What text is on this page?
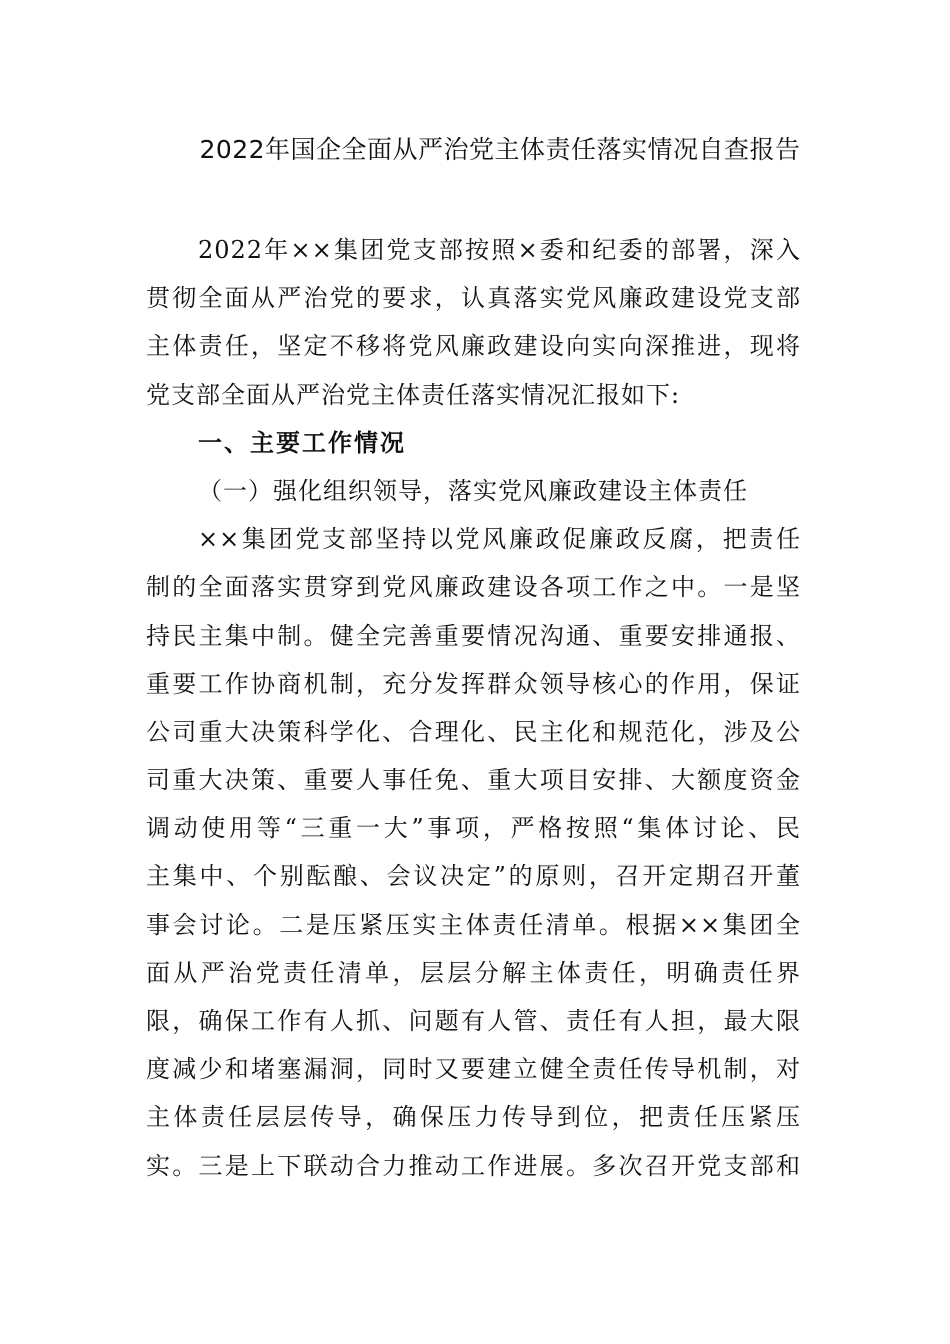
2022年国企全面从严治党主体责任落实情况自查报告
2022年××集团党支部按照×委和纪委的部署，深入
贯彻全面从严治党的要求，认真落实党风廉政建设党支部
主体责任，坚定不移将党风廉政建设向实向深推进，现将
党支部全面从严治党主体责任落实情况汇报如下:
一、主要工作情况
（一）强化组织领导，落实党风廉政建设主体责任
××集团党支部坚持以党风廉政促廉政反腐，把责任
制的全面落实贯穿到党风廉政建设各项工作之中。一是坚
持民主集中制。健全完善重要情况沟通、重要安排通报、
重要工作协商机制，充分发挥群众领导核心的作用，保证
公司重大决策科学化、合理化、民主化和规范化，涉及公
司重大决策、重要人事任免、重大项目安排、大额度资金
调动使用等“三重一大”事项，严格按照“集体讨论、民
主集中、个别酝酿、会议决定”的原则，召开定期召开董
事会讨论。二是压紧压实主体责任清单。根据××集团全
面从严治党责任清单，层层分解主体责任，明确责任界
限，确保工作有人抓、问题有人管、责任有人担，最大限
度减少和堵塞漏洞，同时又要建立健全责任传导机制，对
主体责任层层传导，确保压力传导到位，把责任压紧压
实。三是上下联动合力推动工作进展。多次召开党支部和
